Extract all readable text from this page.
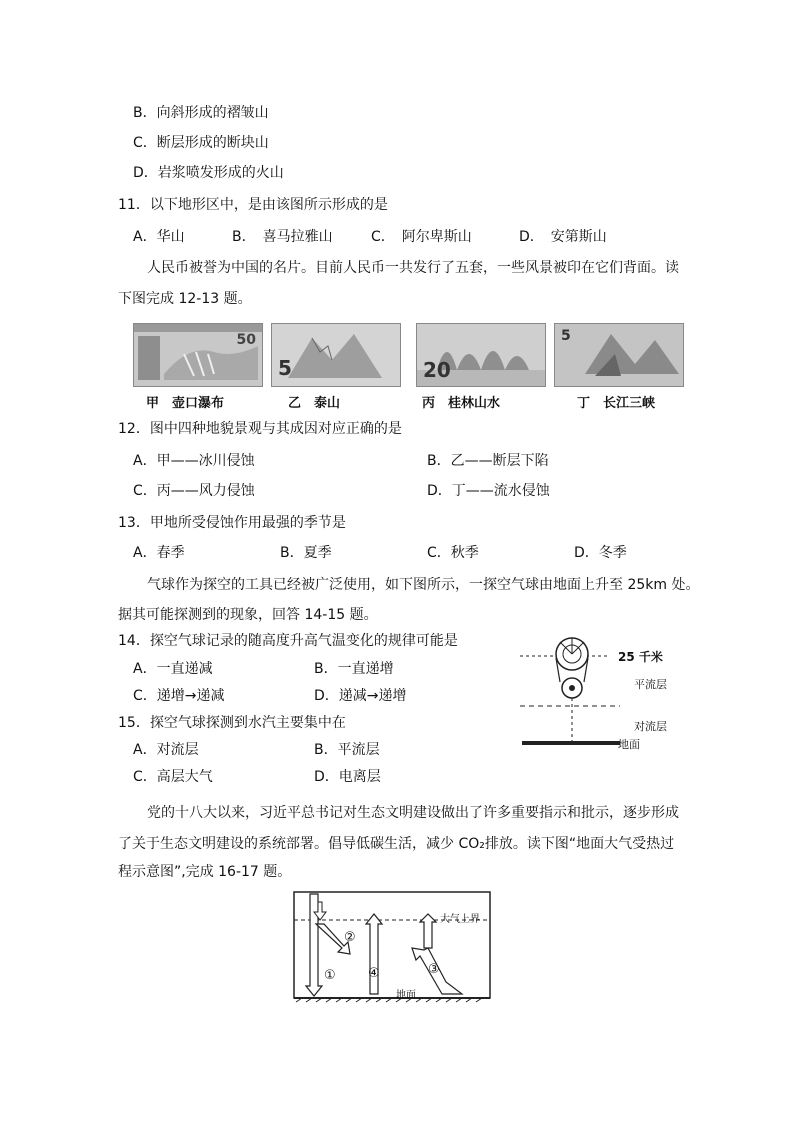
B．向斜形成的褶皱山
C．断层形成的断块山
D．岩浆喷发形成的火山
11．以下地形区中，是由该图所示形成的是
A．华山	B．　喜马拉雅山	C．　阿尔卑斯山	D．　安第斯山
人民币被誉为中国的名片。目前人民币一共发行了五套，一些风景被印在它们背面。读
下图完成 12-13 题。
50
5	20
5
甲　壶口瀑布	乙　泰山	丙　桂林山水	丁　长江三峡
12．图中四种地貌景观与其成因对应正确的是
A．甲——冰川侵蚀	B．乙——断层下陷
C．丙——风力侵蚀	D．丁——流水侵蚀
13．甲地所受侵蚀作用最强的季节是
A．春季	B．夏季	C．秋季	D．冬季
气球作为探空的工具已经被广泛使用，如下图所示，一探空气球由地面上升至 25km 处。
据其可能探测到的现象，回答 14-15 题。
14．探空气球记录的随高度升高气温变化的规律可能是
A．一直递减	B．一直递增
C．递增→递减	D．递减→递增
15．探空气球探测到水汽主要集中在
A．对流层	B．平流层
C．高层大气	D．电离层
25 千米
平流层
对流层
地面
党的十八大以来，习近平总书记对生态文明建设做出了许多重要指示和批示，逐步形成
了关于生态文明建设的系统部署。倡导低碳生活，减少 CO₂排放。读下图“地面大气受热过
程示意图”,完成 16-17 题。
大气上界
地面
①
②
③
④
